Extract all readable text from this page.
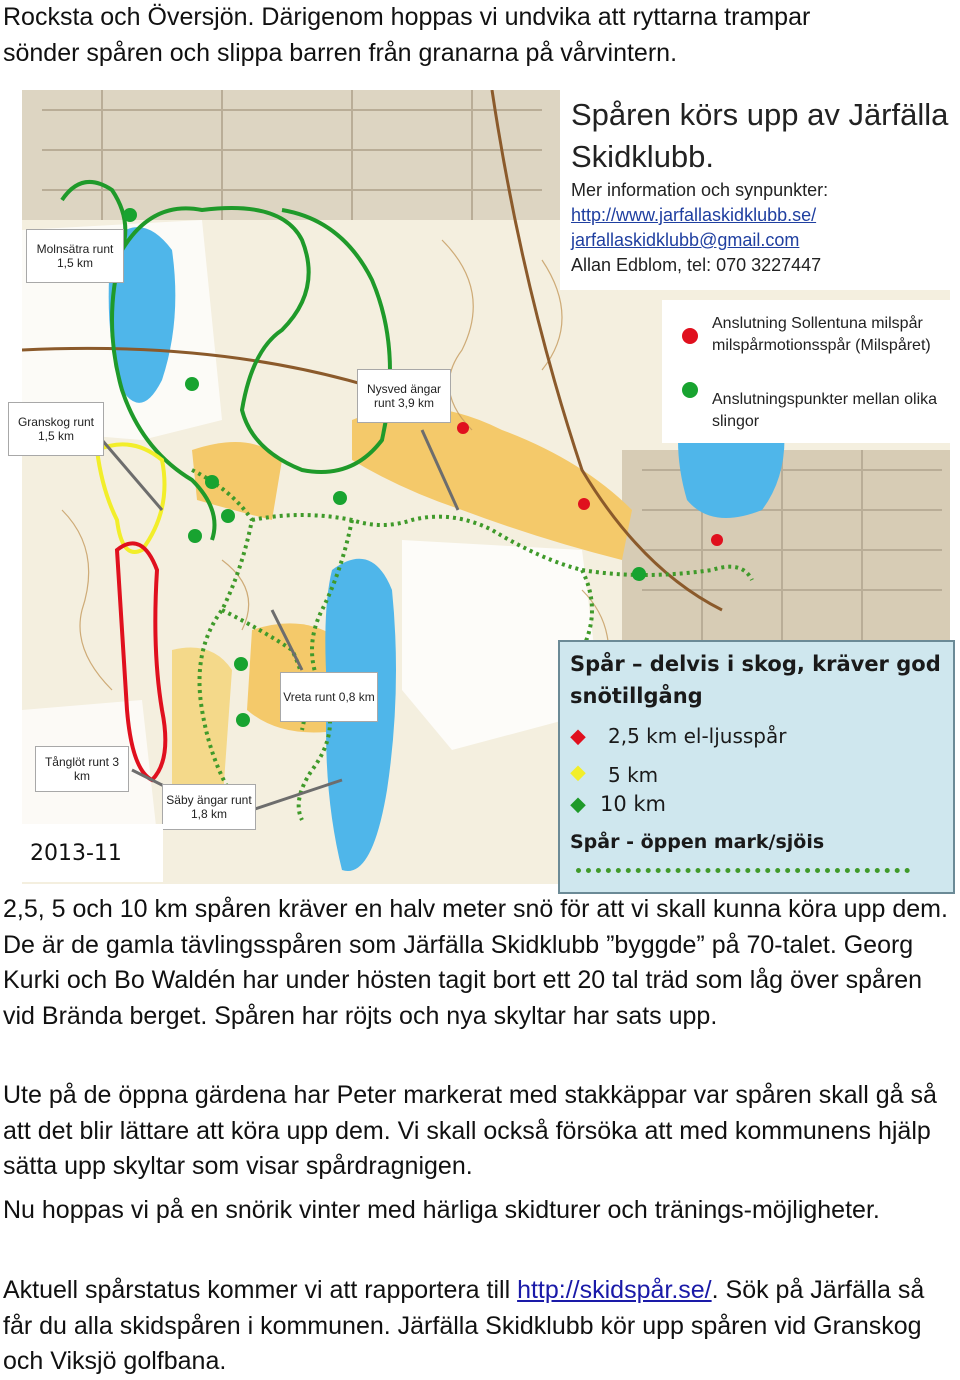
Rocksta och Översjön. Därigenom hoppas vi undvika att ryttarna trampar
sönder spåren och slippa barren från granarna på vårvintern.

Spåren körs upp av Järfälla
Skidklubb.
Mer information och synpunkter:
http://www.jarfallaskidklubb.se/
jarfallaskidklubb@gmail.com
Allan Edblom, tel: 070 3227447
Anslutning Sollentuna milspår milspårmotionsspår (Milspåret)
Anslutningspunkter mellan olika slingor
Molnsätra runt 1,5 km
Granskog runt 1,5 km
Nysved ängar runt 3,9 km
Vreta runt 0,8 km
Tånglöt runt 3 km
Säby ängar runt 1,8 km
Spår – delvis i skog, kräver god
snötillgång
2,5 km el-ljusspår
5 km
10 km
Spår - öppen mark/sjöis
2013-11

2,5, 5 och 10 km spåren kräver en halv meter snö för att vi skall kunna köra upp dem. De är de gamla tävlingsspåren som Järfälla Skidklubb ”byggde” på 70-talet. Georg Kurki och Bo Waldén har under hösten tagit bort ett 20 tal träd som låg över spåren vid Brända berget. Spåren har röjts och nya skyltar har sats upp.

Ute på de öppna gärdena har Peter markerat med stakkäppar var spåren skall gå så att det blir lättare att köra upp dem. Vi skall också försöka att med kommunens hjälp sätta upp skyltar som visar spårdragnigen.

Nu hoppas vi på en snörik vinter med härliga skidturer och tränings-möjligheter.

Aktuell spårstatus kommer vi att rapportera till http://skidspår.se/. Sök på Järfälla så får du alla skidspåren i kommunen. Järfälla Skidklubb kör upp spåren vid Granskog och Viksjö golfbana.
